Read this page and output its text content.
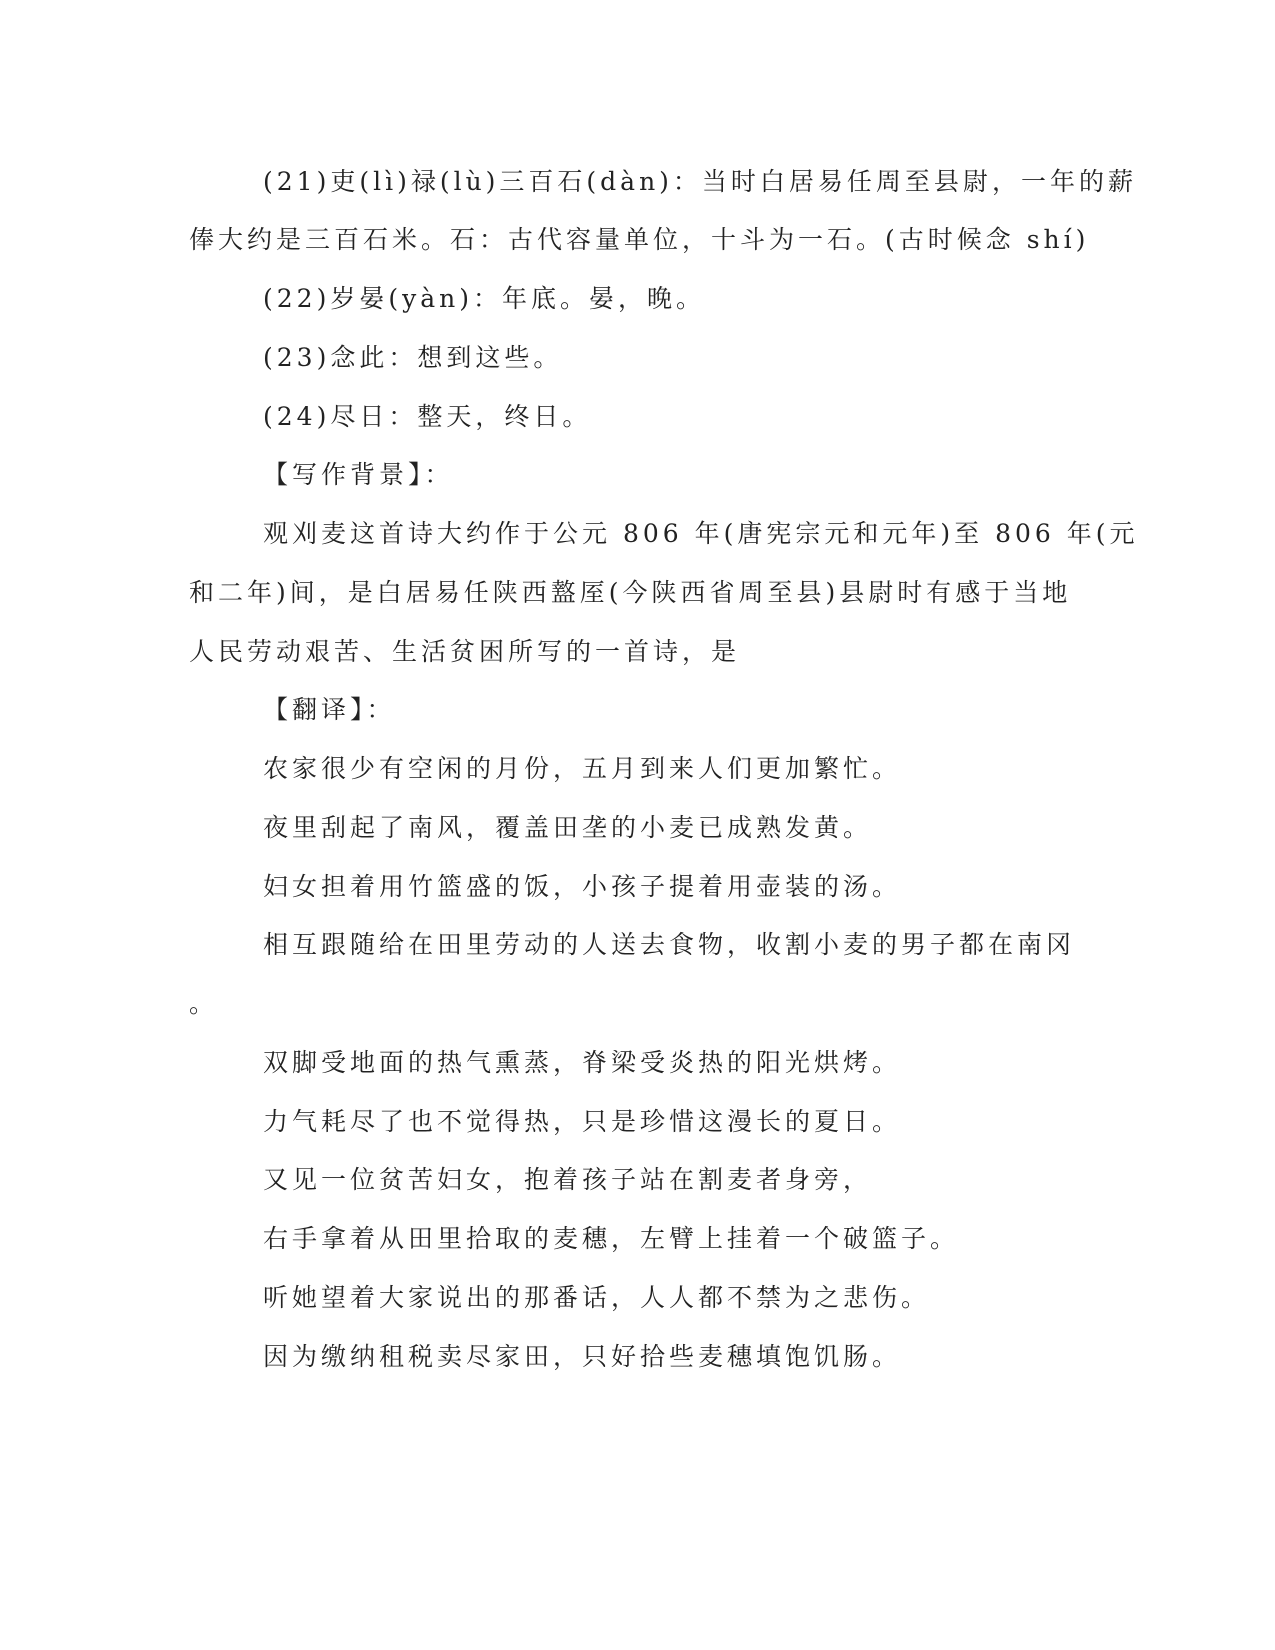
(21)吏(lì)禄(lù)三百石(dàn)：当时白居易任周至县尉，一年的薪
俸大约是三百石米。石：古代容量单位，十斗为一石。(古时候念 shí)
(22)岁晏(yàn)：年底。晏，晚。
(23)念此：想到这些。
(24)尽日：整天，终日。
【写作背景】：
观刈麦这首诗大约作于公元 806 年(唐宪宗元和元年)至 806 年(元
和二年)间，是白居易任陕西盩厔(今陕西省周至县)县尉时有感于当地
人民劳动艰苦、生活贫困所写的一首诗，是
【翻译】：
农家很少有空闲的月份，五月到来人们更加繁忙。
夜里刮起了南风，覆盖田垄的小麦已成熟发黄。
妇女担着用竹篮盛的饭，小孩子提着用壶装的汤。
相互跟随给在田里劳动的人送去食物，收割小麦的男子都在南冈
。
双脚受地面的热气熏蒸，脊梁受炎热的阳光烘烤。
力气耗尽了也不觉得热，只是珍惜这漫长的夏日。
又见一位贫苦妇女，抱着孩子站在割麦者身旁，
右手拿着从田里拾取的麦穗，左臂上挂着一个破篮子。
听她望着大家说出的那番话，人人都不禁为之悲伤。
因为缴纳租税卖尽家田，只好拾些麦穗填饱饥肠。
